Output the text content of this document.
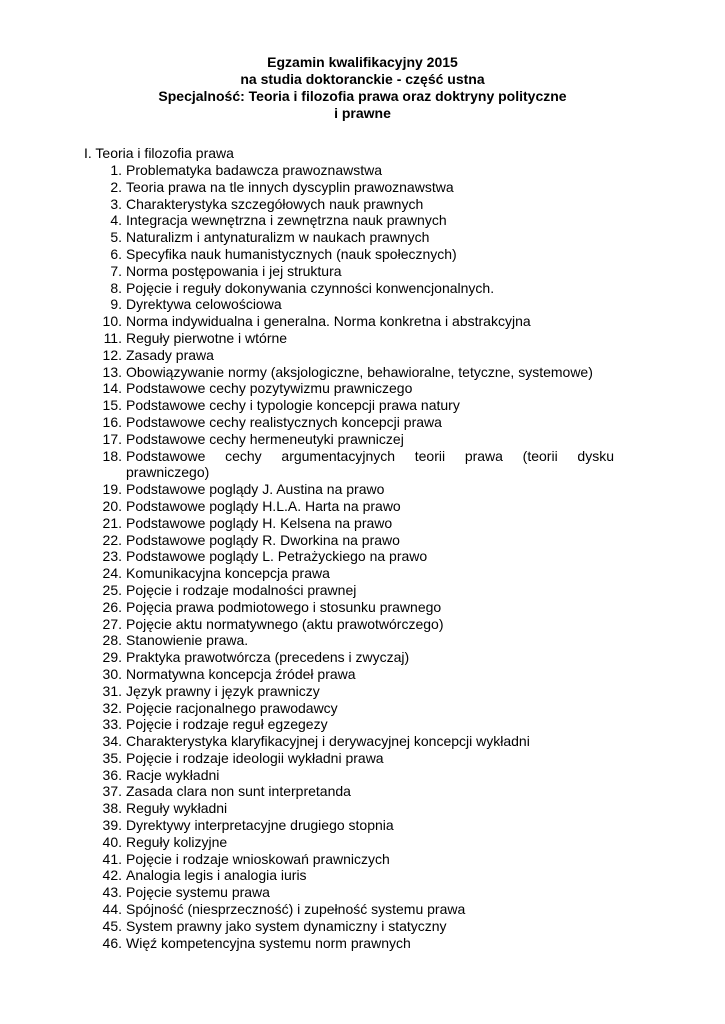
Egzamin kwalifikacyjny 2015
na studia doktoranckie - część ustna
Specjalność: Teoria i filozofia prawa oraz doktryny polityczne
i prawne
I. Teoria i filozofia prawa
1. Problematyka badawcza prawoznawstwa
2. Teoria prawa na tle innych dyscyplin prawoznawstwa
3. Charakterystyka szczegółowych nauk prawnych
4. Integracja wewnętrzna i zewnętrzna nauk prawnych
5. Naturalizm i antynaturalizm w naukach prawnych
6. Specyfika nauk humanistycznych (nauk społecznych)
7. Norma postępowania i jej struktura
8. Pojęcie i reguły dokonywania czynności konwencjonalnych.
9. Dyrektywa celowościowa
10. Norma indywidualna i generalna. Norma konkretna i abstrakcyjna
11. Reguły pierwotne i wtórne
12. Zasady prawa
13. Obowiązywanie normy (aksjologiczne, behawioralne, tetyczne, systemowe)
14. Podstawowe cechy pozytywizmu prawniczego
15. Podstawowe cechy i typologie koncepcji prawa natury
16. Podstawowe cechy realistycznych koncepcji prawa
17. Podstawowe cechy hermeneutyki prawniczej
18. Podstawowe cechy argumentacyjnych teorii prawa (teorii dysku
prawniczego)
19. Podstawowe poglądy J. Austina na prawo
20. Podstawowe poglądy H.L.A. Harta na prawo
21. Podstawowe poglądy H. Kelsena na prawo
22. Podstawowe poglądy R. Dworkina na prawo
23. Podstawowe poglądy L. Petrażyckiego na prawo
24. Komunikacyjna koncepcja prawa
25. Pojęcie i rodzaje modalności prawnej
26. Pojęcia prawa podmiotowego i stosunku prawnego
27. Pojęcie aktu normatywnego (aktu prawotwórczego)
28. Stanowienie prawa.
29. Praktyka prawotwórcza (precedens i zwyczaj)
30. Normatywna koncepcja źródeł prawa
31. Język prawny i język prawniczy
32. Pojęcie racjonalnego prawodawcy
33. Pojęcie i rodzaje reguł egzegezy
34. Charakterystyka klaryfikacyjnej i derywacyjnej koncepcji wykładni
35. Pojęcie i rodzaje ideologii wykładni prawa
36. Racje wykładni
37. Zasada clara non sunt interpretanda
38. Reguły wykładni
39. Dyrektywy interpretacyjne drugiego stopnia
40. Reguły kolizyjne
41. Pojęcie i rodzaje wnioskowań prawniczych
42. Analogia legis i analogia iuris
43. Pojęcie systemu prawa
44. Spójność (niesprzeczność) i zupełność systemu prawa
45. System prawny jako system dynamiczny i statyczny
46. Więź kompetencyjna systemu norm prawnych
